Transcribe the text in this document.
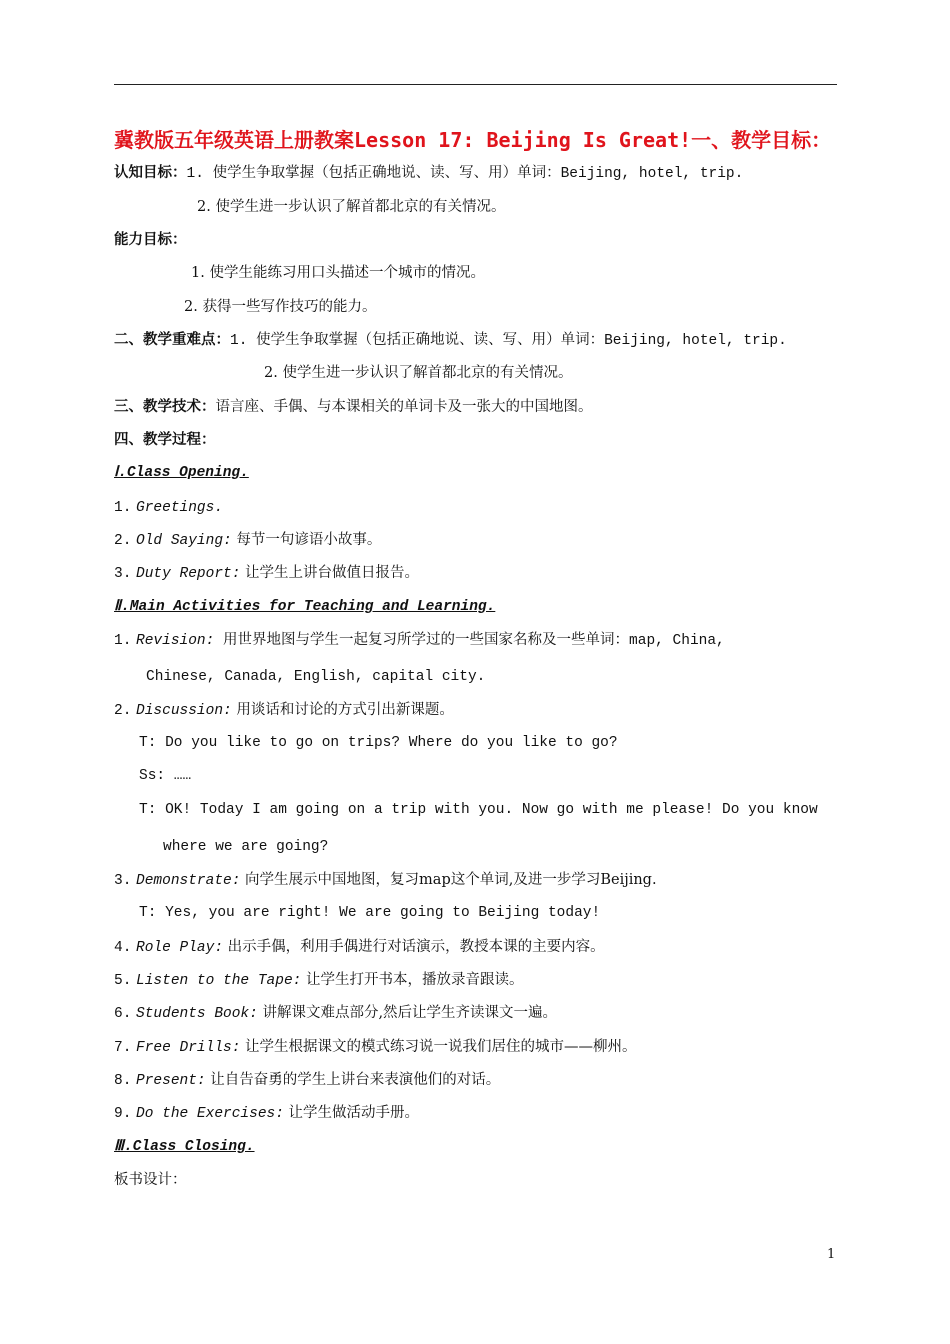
冀教版五年级英语上册教案Lesson 17: Beijing Is Great!一、教学目标：
认知目标：1. 使学生争取掌握（包括正确地说、读、写、用）单词：Beijing, hotel, trip.
2. 使学生进一步认识了解首都北京的有关情况。
能力目标：
1. 使学生能练习用口头描述一个城市的情况。
2. 获得一些写作技巧的能力。
二、教学重难点：1. 使学生争取掌握（包括正确地说、读、写、用）单词：Beijing, hotel, trip.
2. 使学生进一步认识了解首都北京的有关情况。
三、教学技术：语言座、手偶、与本课相关的单词卡及一张大的中国地图。
四、教学过程：
Ⅰ.Class Opening.
1. Greetings.
2. Old Saying: 每节一句谚语小故事。
3. Duty Report: 让学生上讲台做值日报告。
Ⅱ.Main Activities for Teaching and Learning.
1. Revision: 用世界地图与学生一起复习所学过的一些国家名称及一些单词：map, China,
Chinese, Canada, English, capital city.
2. Discussion: 用谈话和讨论的方式引出新课题。
T: Do you like to go on trips? Where do you like to go?
Ss: ……
T: OK! Today I am going on a trip with you. Now go with me please! Do you know
where we are going?
3. Demonstrate: 向学生展示中国地图，复习map这个单词,及进一步学习Beijing.
T: Yes, you are right! We are going to Beijing today!
4. Role Play: 出示手偶，利用手偶进行对话演示，教授本课的主要内容。
5. Listen to the Tape: 让学生打开书本，播放录音跟读。
6. Students Book: 讲解课文难点部分,然后让学生齐读课文一遍。
7. Free Drills: 让学生根据课文的模式练习说一说我们居住的城市——柳州。
8. Present: 让自告奋勇的学生上讲台来表演他们的对话。
9. Do the Exercises: 让学生做活动手册。
Ⅲ.Class Closing.
板书设计：
1
